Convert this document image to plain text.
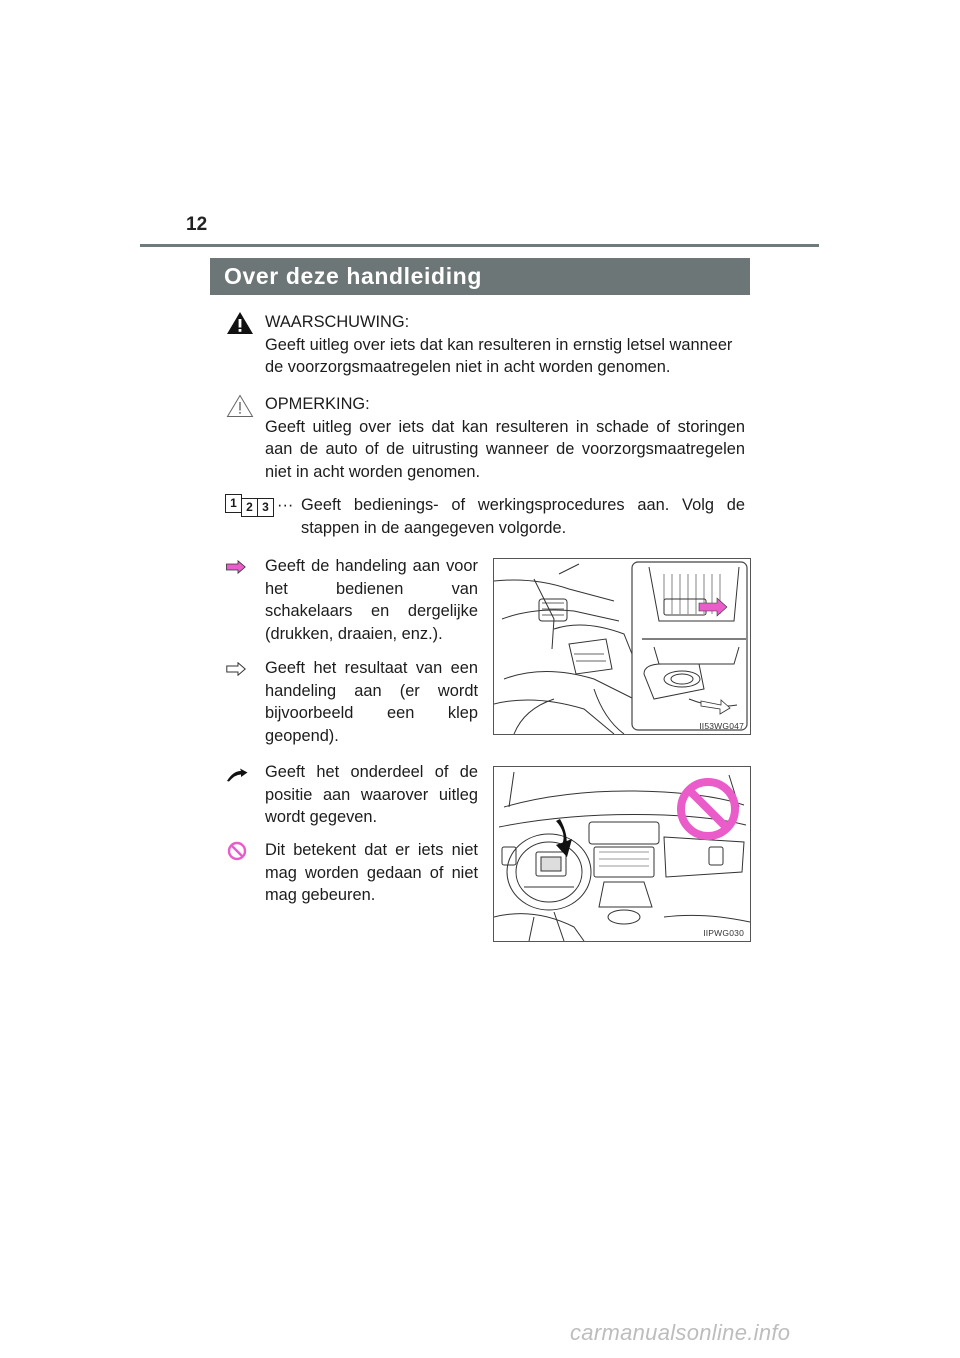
12
Over deze handleiding
WAARSCHUWING:
Geeft uitleg over iets dat kan resulteren in ernstig letsel wanneer
de voorzorgsmaatregelen niet in acht worden genomen.
OPMERKING:
Geeft uitleg over iets dat kan resulteren in schade of storingen aan de auto of de uitrusting wanneer de voorzorgsmaatregelen niet in acht worden genomen.
1 2 3 ··· Geeft bedienings- of werkingsprocedures aan. Volg de stappen in de aangegeven volgorde.
Geeft de handeling aan voor het bedienen van schakelaars en dergelijke (drukken, draaien, enz.).
Geeft het resultaat van een handeling aan (er wordt bijvoorbeeld een klep geopend).
Geeft het onderdeel of de positie aan waarover uitleg wordt gegeven.
Dit betekent dat er iets niet mag worden gedaan of niet mag gebeuren.
II53WG047
IIPWG030
carmanualsonline.info
